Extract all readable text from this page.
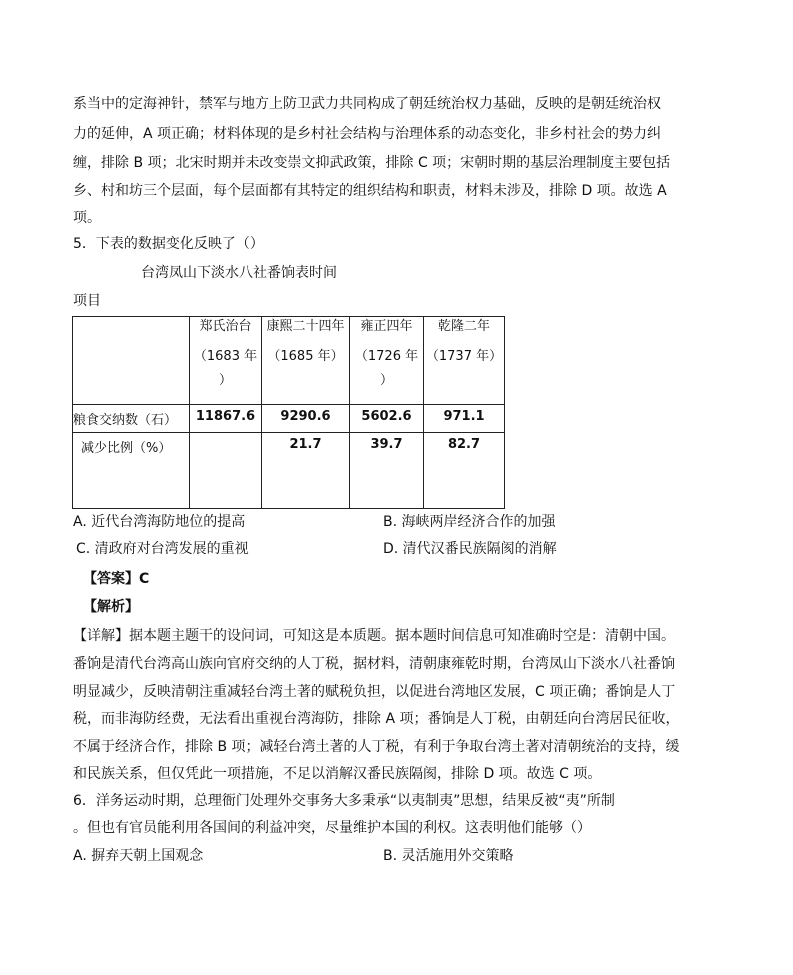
系当中的定海神针，禁军与地方上防卫武力共同构成了朝廷统治权力基础，反映的是朝廷统治权
力的延伸，A 项正确；材料体现的是乡村社会结构与治理体系的动态变化，非乡村社会的势力纠
缠，排除 B 项；北宋时期并未改变崇文抑武政策，排除 C 项；宋朝时期的基层治理制度主要包括
乡、村和坊三个层面，每个层面都有其特定的组织结构和职责，材料未涉及，排除 D 项。故选 A
项。
5．下表的数据变化反映了（）
台湾凤山下淡水八社番饷表时间
项目

	郑氏治台
（1683 年
）	康熙二十四年
（1685 年）	雍正四年
（1726 年
）	乾隆二年
（1737 年）

粮食交纳数（石）	11867.6	9290.6	5602.6	971.1
减少比例（%）		21.7	39.7	82.7
A. 近代台湾海防地位的提高	B. 海峡两岸经济合作的加强
C. 清政府对台湾发展的重视	D. 清代汉番民族隔阂的消解
【答案】C
【解析】
【详解】据本题主题干的设问词，可知这是本质题。据本题时间信息可知准确时空是：清朝中国。
番饷是清代台湾高山族向官府交纳的人丁税，据材料，清朝康雍乾时期，台湾凤山下淡水八社番饷
明显减少，反映清朝注重减轻台湾土著的赋税负担，以促进台湾地区发展，C 项正确；番饷是人丁
税，而非海防经费，无法看出重视台湾海防，排除 A 项；番饷是人丁税，由朝廷向台湾居民征收，
不属于经济合作，排除 B 项；减轻台湾土著的人丁税，有利于争取台湾土著对清朝统治的支持，缓
和民族关系，但仅凭此一项措施，不足以消解汉番民族隔阂，排除 D 项。故选 C 项。
6．洋务运动时期，总理衙门处理外交事务大多秉承“以夷制夷”思想，结果反被“夷”所制
。但也有官员能利用各国间的利益冲突，尽量维护本国的利权。这表明他们能够（）
A. 摒弃天朝上国观念	B. 灵活施用外交策略
